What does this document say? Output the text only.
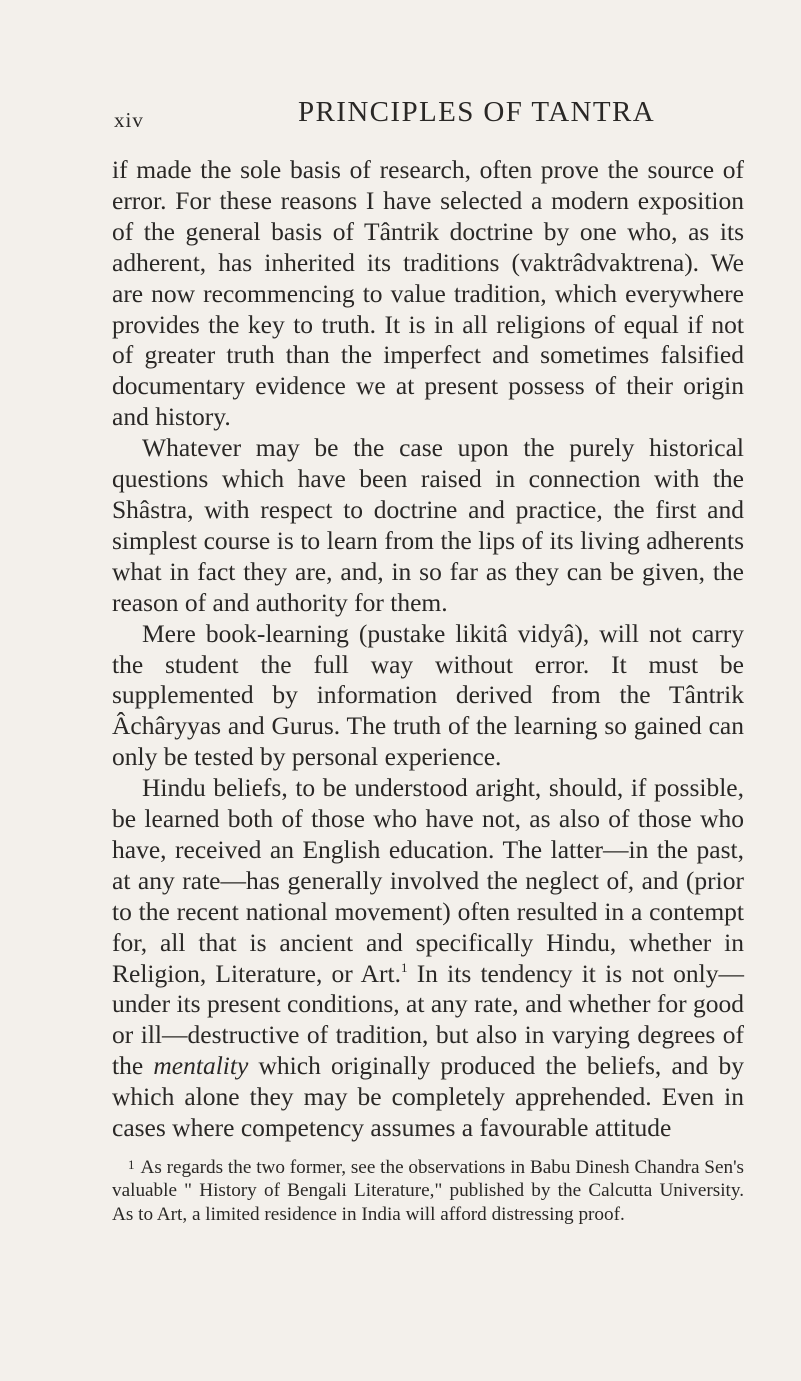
xiv	PRINCIPLES OF TANTRA

if made the sole basis of research, often prove the source of error. For these reasons I have selected a modern exposition of the general basis of Tântrik doctrine by one who, as its adherent, has inherited its traditions (vaktrâdvaktrena). We are now recommencing to value tradition, which everywhere provides the key to truth. It is in all religions of equal if not of greater truth than the imperfect and sometimes falsified documentary evidence we at present possess of their origin and history.

Whatever may be the case upon the purely historical questions which have been raised in connection with the Shâstra, with respect to doctrine and practice, the first and simplest course is to learn from the lips of its living adherents what in fact they are, and, in so far as they can be given, the reason of and authority for them.

Mere book-learning (pustake likitâ vidyâ), will not carry the student the full way without error. It must be supplemented by information derived from the Tântrik Âchâryyas and Gurus. The truth of the learning so gained can only be tested by personal experience.

Hindu beliefs, to be understood aright, should, if possible, be learned both of those who have not, as also of those who have, received an English education. The latter—in the past, at any rate—has generally involved the neglect of, and (prior to the recent national movement) often resulted in a contempt for, all that is ancient and specifically Hindu, whether in Religion, Literature, or Art.$^1$ In its tendency it is not only—under its present conditions, at any rate, and whether for good or ill—destructive of tradition, but also in varying degrees of the mentality which originally produced the beliefs, and by which alone they may be completely apprehended. Even in cases where competency assumes a favourable attitude

$^1$ As regards the two former, see the observations in Babu Dinesh Chandra Sen's valuable " History of Bengali Literature," published by the Calcutta University. As to Art, a limited residence in India will afford distressing proof.
